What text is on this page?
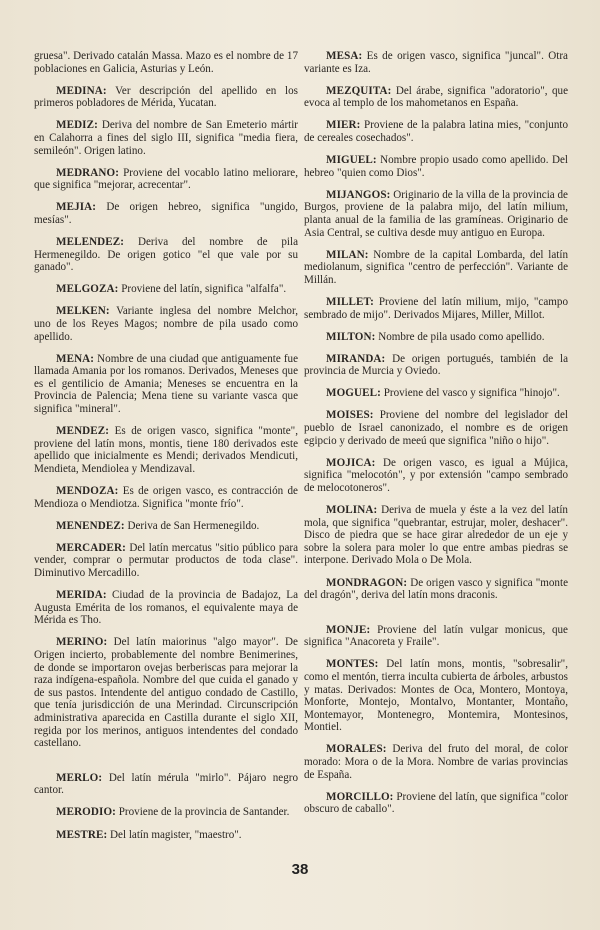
gruesa". Derivado catalán Massa. Mazo es el nombre de 17 poblaciones en Galicia, Asturias y León.

MEDINA: Ver descripción del apellido en los primeros pobladores de Mérida, Yucatan.

MEDIZ: Deriva del nombre de San Emeterio mártir en Calahorra a fines del siglo III, significa "media fiera, semileón". Origen latino.

MEDRANO: Proviene del vocablo latino meliorare, que significa "mejorar, acrecentar".

MEJIA: De origen hebreo, significa "ungido, mesías".

MELENDEZ: Deriva del nombre de pila Hermenegildo. De origen gotico "el que vale por su ganado".

MELGOZA: Proviene del latín, significa "alfalfa".

MELKEN: Variante inglesa del nombre Melchor, uno de los Reyes Magos; nombre de pila usado como apellido.

MENA: Nombre de una ciudad que antiguamente fue llamada Amania por los romanos. Derivados, Meneses que es el gentilicio de Amania; Meneses se encuentra en la Provincia de Palencia; Mena tiene su variante vasca que significa "mineral".

MENDEZ: Es de origen vasco, significa "monte", proviene del latín mons, montis, tiene 180 derivados este apellido que inicialmente es Mendi; derivados Mendicuti, Mendieta, Mendiolea y Mendizaval.

MENDOZA: Es de origen vasco, es contracción de Mendioza o Mendiotza. Significa "monte frío".

MENENDEZ: Deriva de San Hermenegildo.

MERCADER: Del latín mercatus "sitio público para vender, comprar o permutar productos de toda clase". Diminutivo Mercadillo.

MERIDA: Ciudad de la provincia de Badajoz, La Augusta Emérita de los romanos, el equivalente maya de Mérida es Tho.

MERINO: Del latín maiorinus "algo mayor". De Origen incierto, probablemente del nombre Benimerines, de donde se importaron ovejas berberiscas para mejorar la raza indígena-española. Nombre del que cuida el ganado y de sus pastos. Intendente del antiguo condado de Castillo, que tenía jurisdicción de una Merindad. Circunscripción administrativa aparecida en Castilla durante el siglo XII, regida por los merinos, antiguos intendentes del condado castellano.

MERLO: Del latín mérula "mirlo". Pájaro negro cantor.

MERODIO: Proviene de la provincia de Santander.

MESTRE: Del latín magister, "maestro".

MESA: Es de origen vasco, significa "juncal". Otra variante es Iza.

MEZQUITA: Del árabe, significa "adoratorio", que evoca al templo de los mahometanos en España.

MIER: Proviene de la palabra latina mies, "conjunto de cereales cosechados".

MIGUEL: Nombre propio usado como apellido. Del hebreo "quien como Dios".

MIJANGOS: Originario de la villa de la provincia de Burgos, proviene de la palabra mijo, del latín milium, planta anual de la familia de las gramíneas. Originario de Asia Central, se cultiva desde muy antiguo en Europa.

MILAN: Nombre de la capital Lombarda, del latín mediolanum, significa "centro de perfección". Variante de Millán.

MILLET: Proviene del latín milium, mijo, "campo sembrado de mijo". Derivados Mijares, Miller, Millot.

MILTON: Nombre de pila usado como apellido.

MIRANDA: De origen portugués, también de la provincia de Murcia y Oviedo.

MOGUEL: Proviene del vasco y significa "hinojo".

MOISES: Proviene del nombre del legislador del pueblo de Israel canonizado, el nombre es de origen egipcio y derivado de meeú que significa "niño o hijo".

MOJICA: De origen vasco, es igual a Mújica, significa "melocotón", y por extensión "campo sembrado de melocotoneros".

MOLINA: Deriva de muela y éste a la vez del latín mola, que significa "quebrantar, estrujar, moler, deshacer". Disco de piedra que se hace girar alrededor de un eje y sobre la solera para moler lo que entre ambas piedras se interpone. Derivado Mola o De Mola.

MONDRAGON: De origen vasco y significa "monte del dragón", deriva del latín mons draconis.

MONJE: Proviene del latín vulgar monicus, que significa "Anacoreta y Fraile".

MONTES: Del latín mons, montis, "sobresalir", como el mentón, tierra inculta cubierta de árboles, arbustos y matas. Derivados: Montes de Oca, Montero, Montoya, Monforte, Montejo, Montalvo, Montanter, Montaño, Montemayor, Montenegro, Montemira, Montesinos, Montiel.

MORALES: Deriva del fruto del moral, de color morado: Mora o de la Mora. Nombre de varias provincias de España.

MORCILLO: Proviene del latín, que significa "color obscuro de caballo".

38
